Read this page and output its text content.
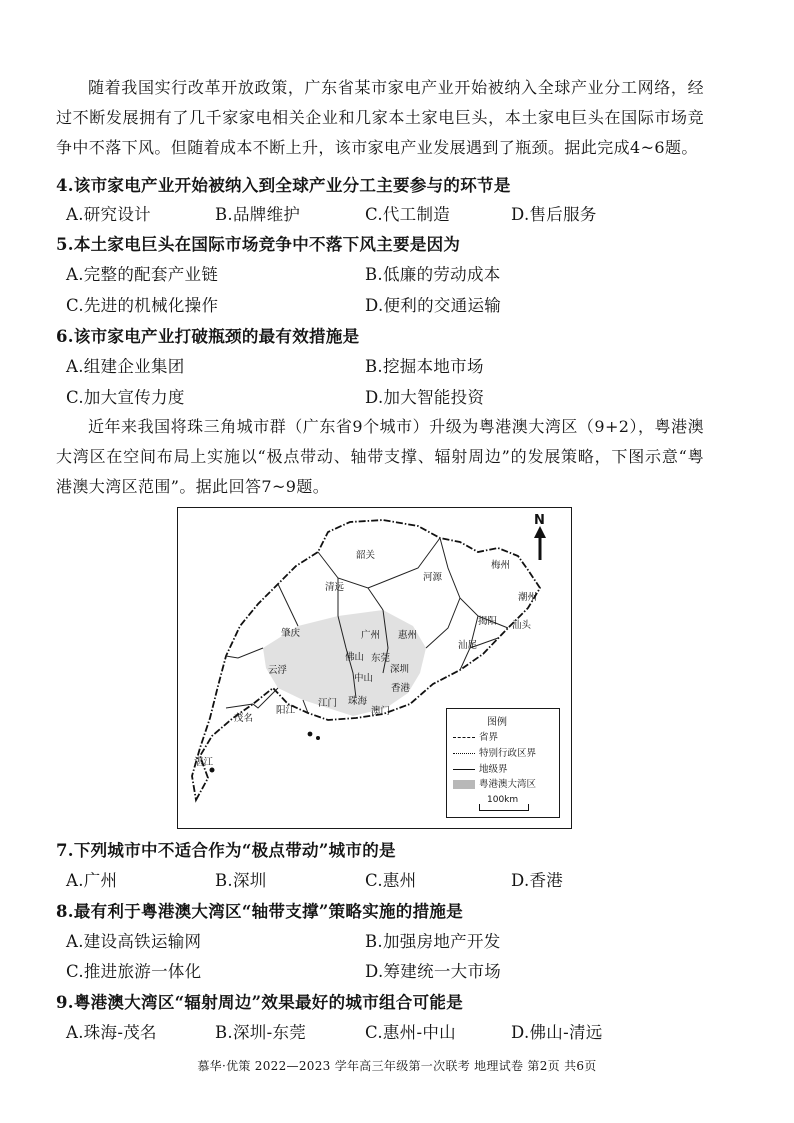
随着我国实行改革开放政策，广东省某市家电产业开始被纳入全球产业分工网络，经过不断发展拥有了几千家家电相关企业和几家本土家电巨头，本土家电巨头在国际市场竞争中不落下风。但随着成本不断上升，该市家电产业发展遇到了瓶颈。据此完成4~6题。

4.该市家电产业开始被纳入到全球产业分工主要参与的环节是

A.研究设计	B.品牌维护	C.代工制造	D.售后服务

5.本土家电巨头在国际市场竞争中不落下风主要是因为

A.完整的配套产业链	B.低廉的劳动成本
C.先进的机械化操作	D.便利的交通运输

6.该市家电产业打破瓶颈的最有效措施是

A.组建企业集团	B.挖掘本地市场
C.加大宣传力度	D.加大智能投资

近年来我国将珠三角城市群（广东省9个城市）升级为粤港澳大湾区（9+2），粤港澳大湾区在空间布局上实施以“极点带动、轴带支撑、辐射周边”的发展策略，下图示意“粤港澳大湾区范围”。据此回答7~9题。

N
韶关
河源
梅州
清远
潮州
肇庆
揭阳 汕头
广州 惠州
佛山 东莞
汕尾
云浮	深圳
中山
珠海
香港
阳江
江门
澳门
茂名
湛江
图例
省界
特别行政区界
地级界
粤港澳大湾区
100km

7.下列城市中不适合作为“极点带动”城市的是

A.广州	B.深圳	C.惠州	D.香港

8.最有利于粤港澳大湾区“轴带支撑”策略实施的措施是

A.建设高铁运输网	B.加强房地产开发
C.推进旅游一体化	D.筹建统一大市场

9.粤港澳大湾区“辐射周边”效果最好的城市组合可能是

A.珠海-茂名	B.深圳-东莞	C.惠州-中山	D.佛山-清远
慕华·优策 2022—2023 学年高三年级第一次联考 地理试卷 第2页 共6页
